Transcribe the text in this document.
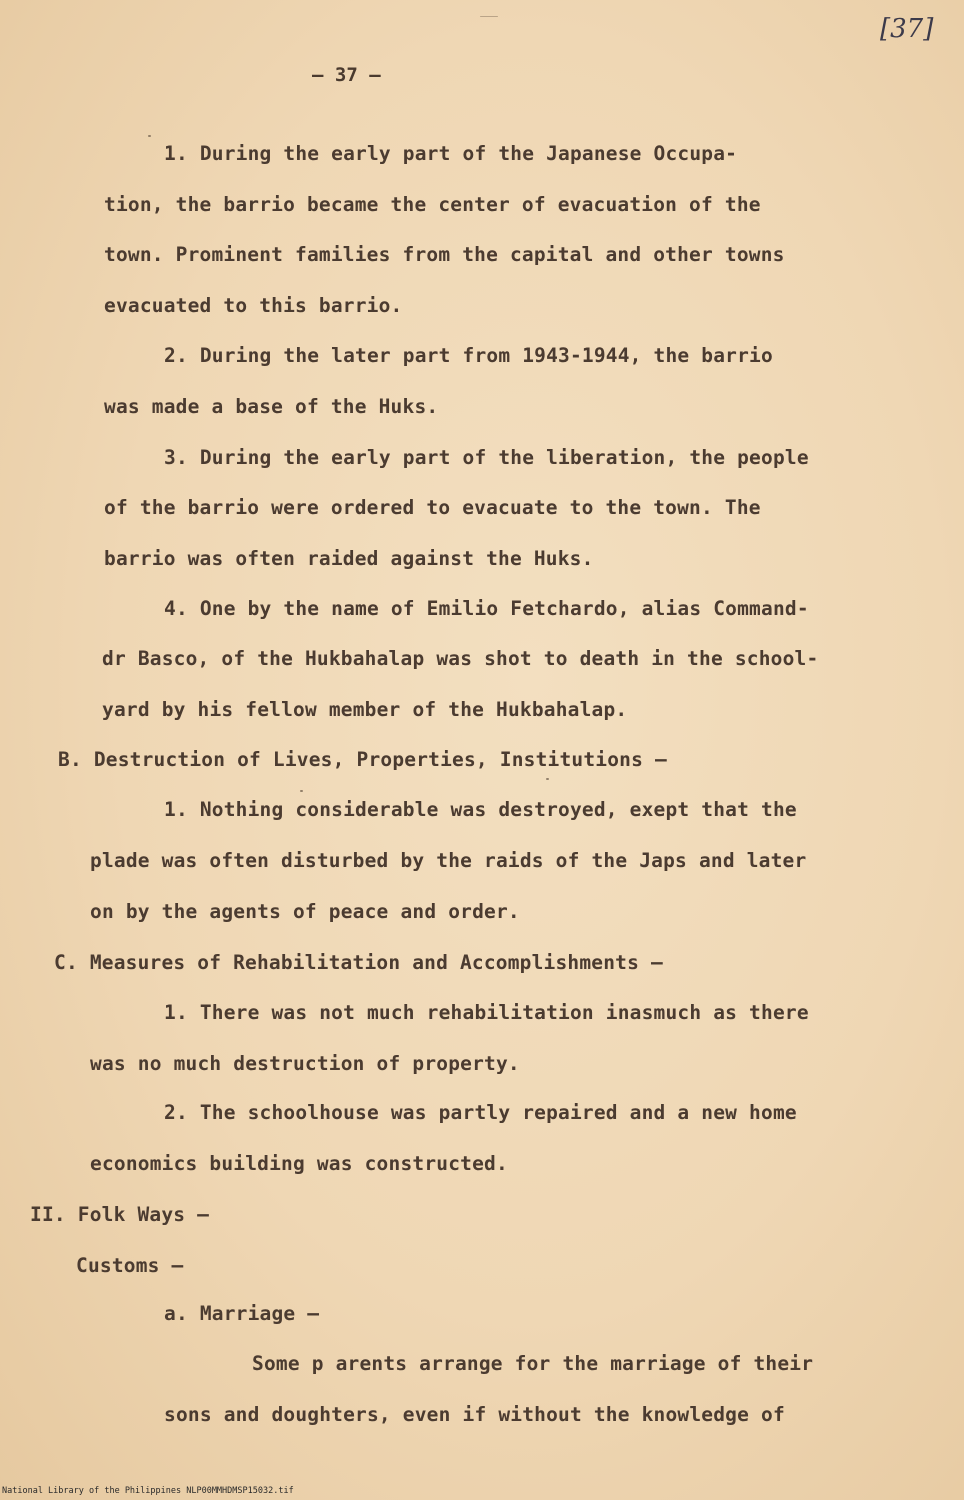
[37]
– 37 –
1. During the early part of the Japanese Occupa-
tion, the barrio became the center of evacuation of the
town. Prominent families from the capital and other towns
evacuated to this barrio.
2. During the later part from 1943-1944, the barrio
was made a base of the Huks.
3. During the early part of the liberation, the people
of the barrio were ordered to evacuate to the town. The
barrio was often raided against the Huks.
4. One by the name of Emilio Fetchardo, alias Command-
dr Basco, of the Hukbahalap was shot to death in the school-
yard by his fellow member of the Hukbahalap.
B. Destruction of Lives, Properties, Institutions –
1. Nothing considerable was destroyed, exept that the
plade was often disturbed by the raids of the Japs and later
on by the agents of peace and order.
C. Measures of Rehabilitation and Accomplishments –
1. There was not much rehabilitation inasmuch as there
was no much destruction of property.
2. The schoolhouse was partly repaired and a new home
economics building was constructed.
II. Folk Ways –
Customs –
a. Marriage –
Some p arents arrange for the marriage of their
sons and doughters, even if without the knowledge of
National Library of the Philippines NLP00MMHDMSP15032.tif
